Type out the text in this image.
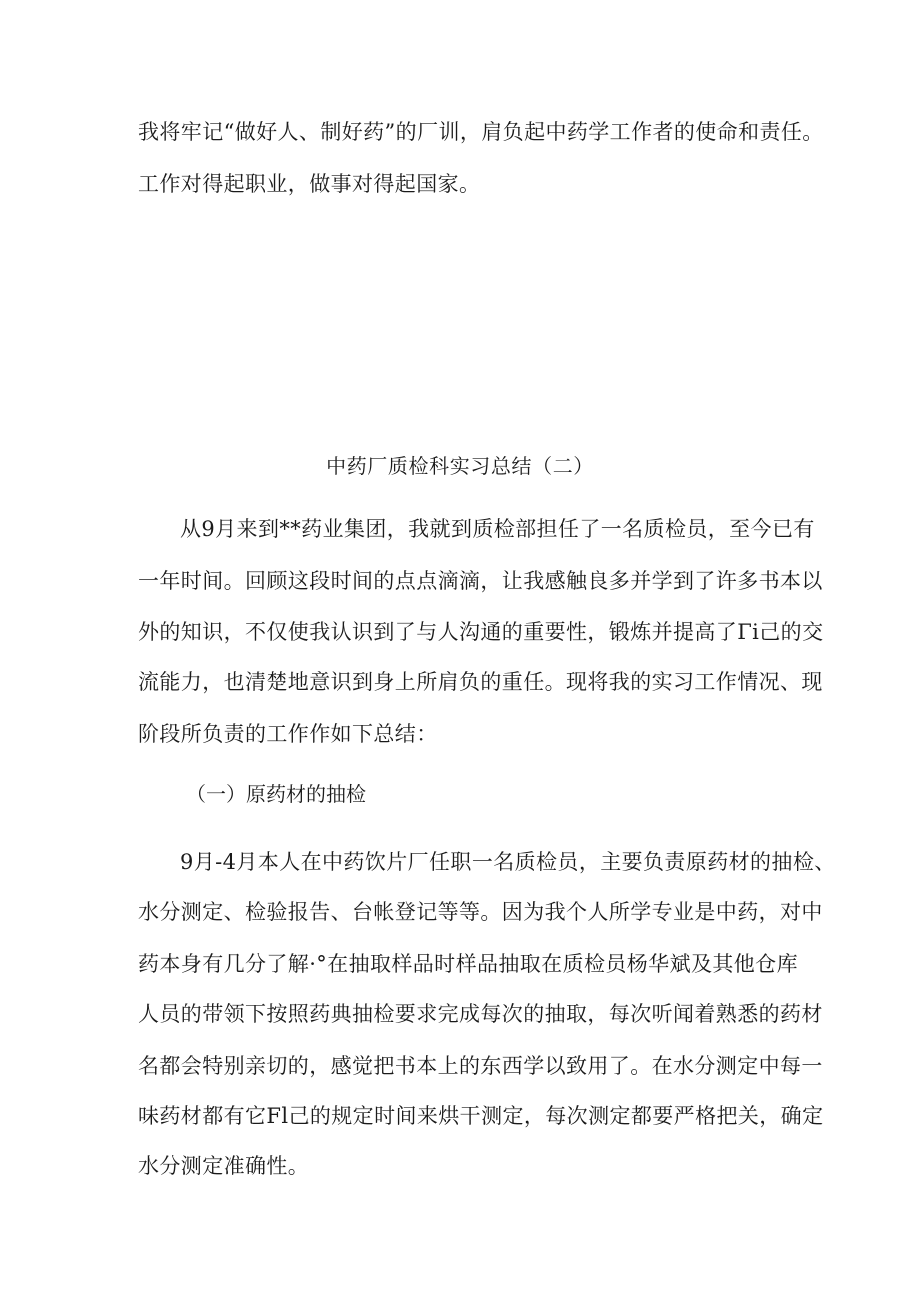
我将牢记“做好人、制好药”的厂训，肩负起中药学工作者的使命和责任。
工作对得起职业，做事对得起国家。
中药厂质检科实习总结（二）
从9月来到**药业集团，我就到质检部担任了一名质检员，至今已有
一年时间。回顾这段时间的点点滴滴，让我感触良多并学到了许多书本以
外的知识，不仅使我认识到了与人沟通的重要性，锻炼并提高了Γi己的交
流能力，也清楚地意识到身上所肩负的重任。现将我的实习工作情况、现
阶段所负责的工作作如下总结：
（一）原药材的抽检
9月-4月本人在中药饮片厂任职一名质检员，主要负责原药材的抽检、
水分测定、检验报告、台帐登记等等。因为我个人所学专业是中药，对中
药本身有几分了解·°在抽取样品时样品抽取在质检员杨华斌及其他仓库
人员的带领下按照药典抽检要求完成每次的抽取，每次听闻着熟悉的药材
名都会特别亲切的，感觉把书本上的东西学以致用了。在水分测定中每一
味药材都有它Fl己的规定时间来烘干测定，每次测定都要严格把关，确定
水分测定准确性。
